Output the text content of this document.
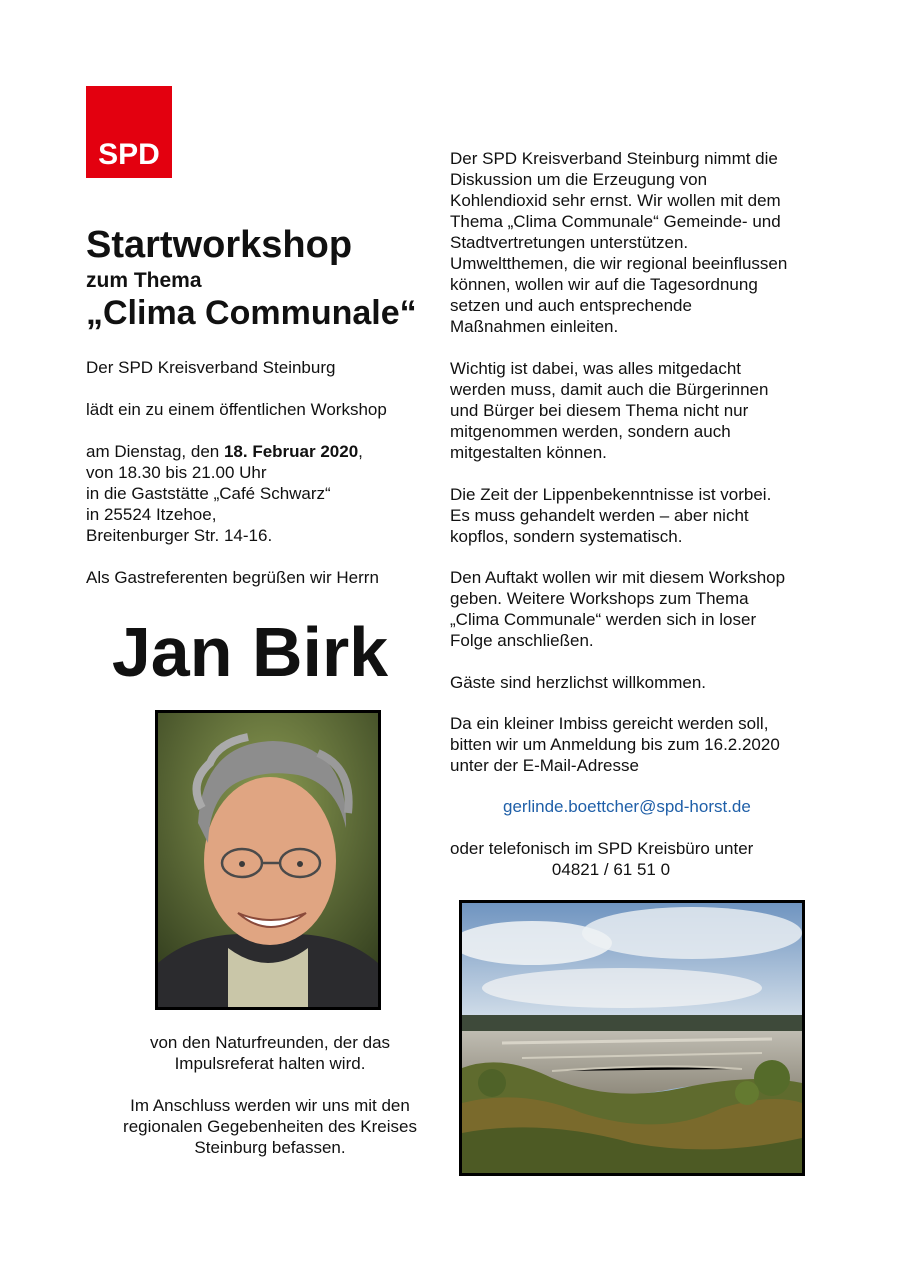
SPD
Startworkshop
zum Thema
„Clima Communale“
Der SPD Kreisverband Steinburg
lädt ein zu einem öffentlichen Workshop
am Dienstag, den 18. Februar 2020,
von 18.30 bis 21.00 Uhr
in die Gaststätte „Café Schwarz“
in 25524 Itzehoe,
Breitenburger Str. 14-16.
Als Gastreferenten begrüßen wir Herrn
Jan Birk
von den Naturfreunden, der das
Impulsreferat halten wird.
Im Anschluss werden wir uns mit den
regionalen Gegebenheiten des Kreises
Steinburg befassen.
Der SPD Kreisverband Steinburg nimmt die
Diskussion um die Erzeugung von
Kohlendioxid sehr ernst. Wir wollen mit dem
Thema „Clima Communale“ Gemeinde- und
Stadtvertretungen unterstützen.
Umweltthemen, die wir regional beeinflussen
können, wollen wir auf die Tagesordnung
setzen und auch entsprechende
Maßnahmen einleiten.
Wichtig ist dabei, was alles mitgedacht
werden muss, damit auch die Bürgerinnen
und Bürger bei diesem Thema nicht nur
mitgenommen werden, sondern auch
mitgestalten können.
Die Zeit der Lippenbekenntnisse ist vorbei.
Es muss gehandelt werden – aber nicht
kopflos, sondern systematisch.
Den Auftakt wollen wir mit diesem Workshop
geben. Weitere Workshops zum Thema
„Clima Communale“ werden sich in loser
Folge anschließen.
Gäste sind herzlichst willkommen.
Da ein kleiner Imbiss gereicht werden soll,
bitten wir um Anmeldung bis zum 16.2.2020
unter der E-Mail-Adresse
gerlinde.boettcher@spd-horst.de
oder telefonisch im SPD Kreisbüro unter
04821 / 61 51 0
